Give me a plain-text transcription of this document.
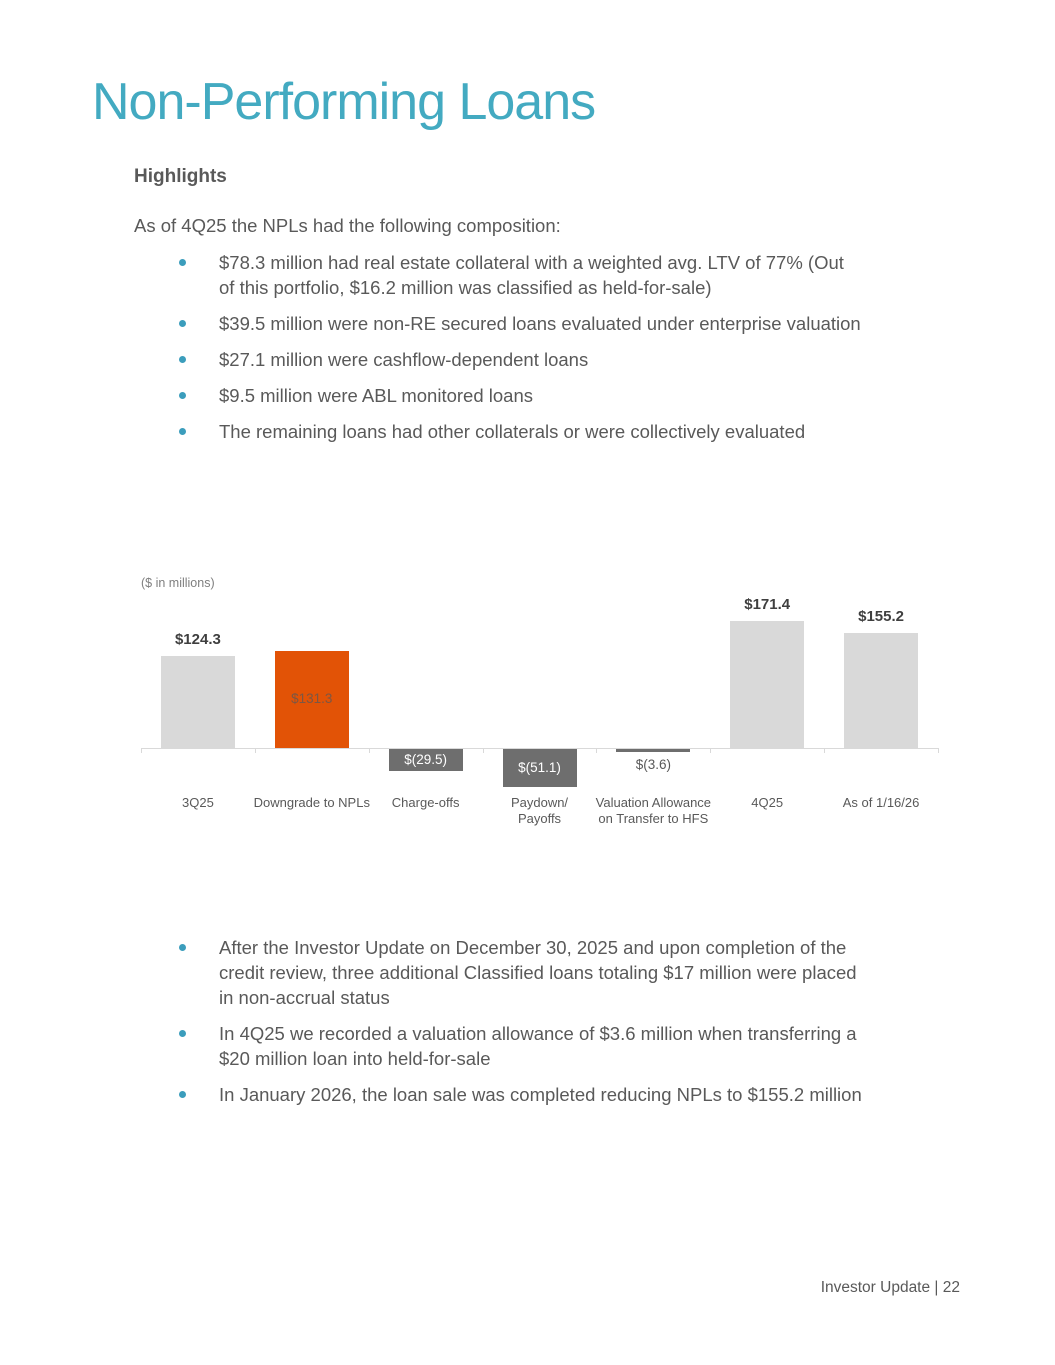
Non-Performing Loans
Highlights

As of 4Q25 the NPLs had the following composition:

$78.3 million had real estate collateral with a weighted avg. LTV of 77% (Out of this portfolio, $16.2 million was classified as held-for-sale)
$39.5 million were non-RE secured loans evaluated under enterprise valuation
$27.1 million were cashflow-dependent loans
$9.5 million were ABL monitored loans
The remaining loans had other collaterals or were collectively evaluated
($ in millions)
$124.3
3Q25
$131.3
Downgrade to NPLs
$(29.5)
Charge-offs
$(51.1)
Paydown/
Payoffs
$(3.6)
Valuation Allowance
on Transfer to HFS
$171.4
4Q25
$155.2
As of 1/16/26
After the Investor Update on December 30, 2025 and upon completion of the credit review, three additional Classified loans totaling $17 million were placed in non-accrual status
In 4Q25 we recorded a valuation allowance of $3.6 million when transferring a $20 million loan into held-for-sale
In January 2026, the loan sale was completed reducing NPLs to $155.2 million
Investor Update | 22
